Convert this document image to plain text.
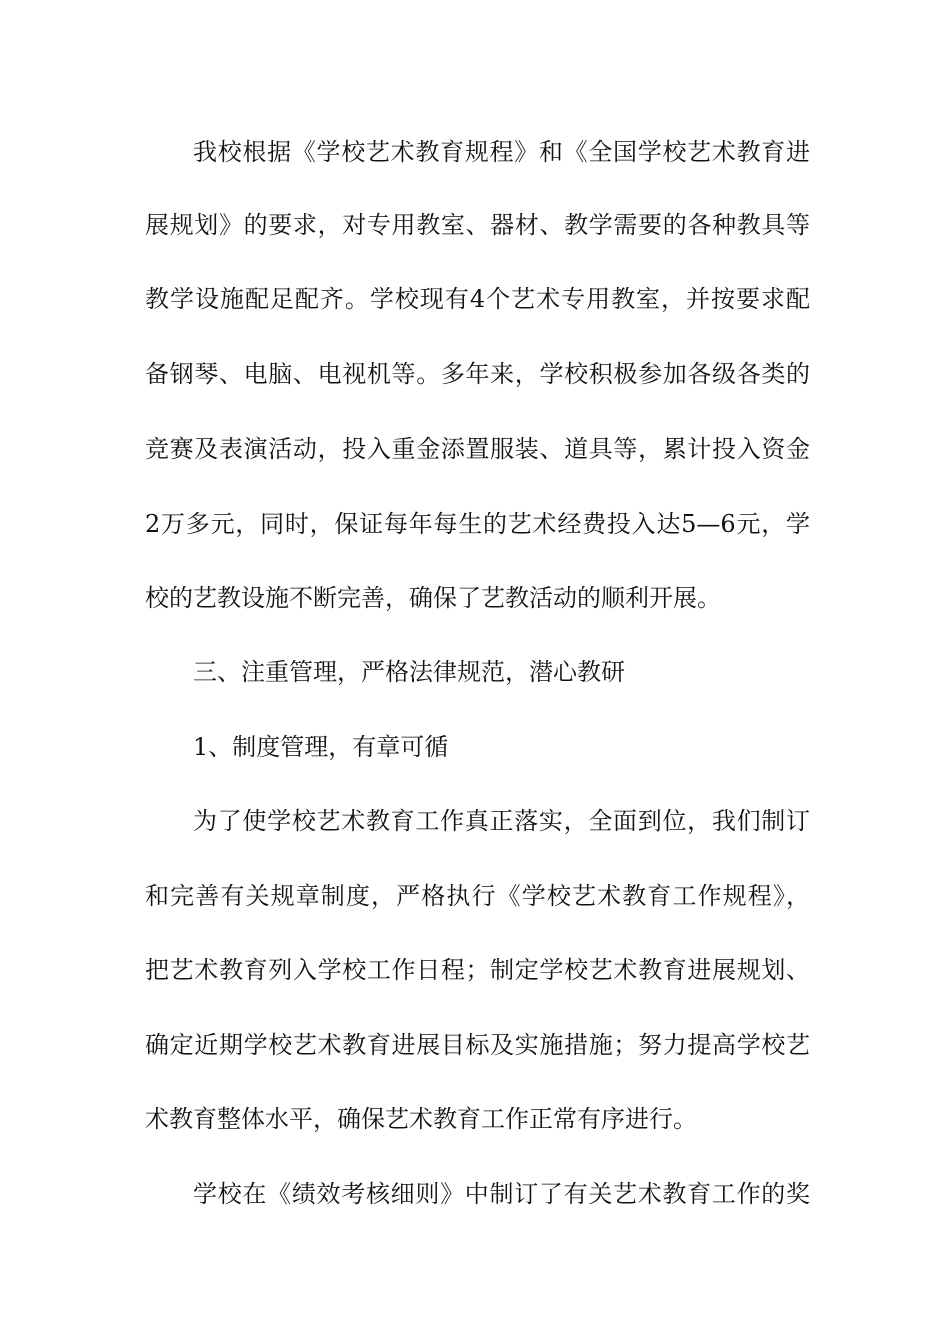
我校根据《学校艺术教育规程》和《全国学校艺术教育进
展规划》的要求，对专用教室、器材、教学需要的各种教具等
教学设施配足配齐。学校现有4个艺术专用教室，并按要求配
备钢琴、电脑、电视机等。多年来，学校积极参加各级各类的
竞赛及表演活动，投入重金添置服装、道具等，累计投入资金
2万多元，同时，保证每年每生的艺术经费投入达5—6元，学
校的艺教设施不断完善，确保了艺教活动的顺利开展。
三、注重管理，严格法律规范，潜心教研
1、制度管理，有章可循
为了使学校艺术教育工作真正落实，全面到位，我们制订
和完善有关规章制度，严格执行《学校艺术教育工作规程》，
把艺术教育列入学校工作日程；制定学校艺术教育进展规划、
确定近期学校艺术教育进展目标及实施措施；努力提高学校艺
术教育整体水平，确保艺术教育工作正常有序进行。
学校在《绩效考核细则》中制订了有关艺术教育工作的奖
